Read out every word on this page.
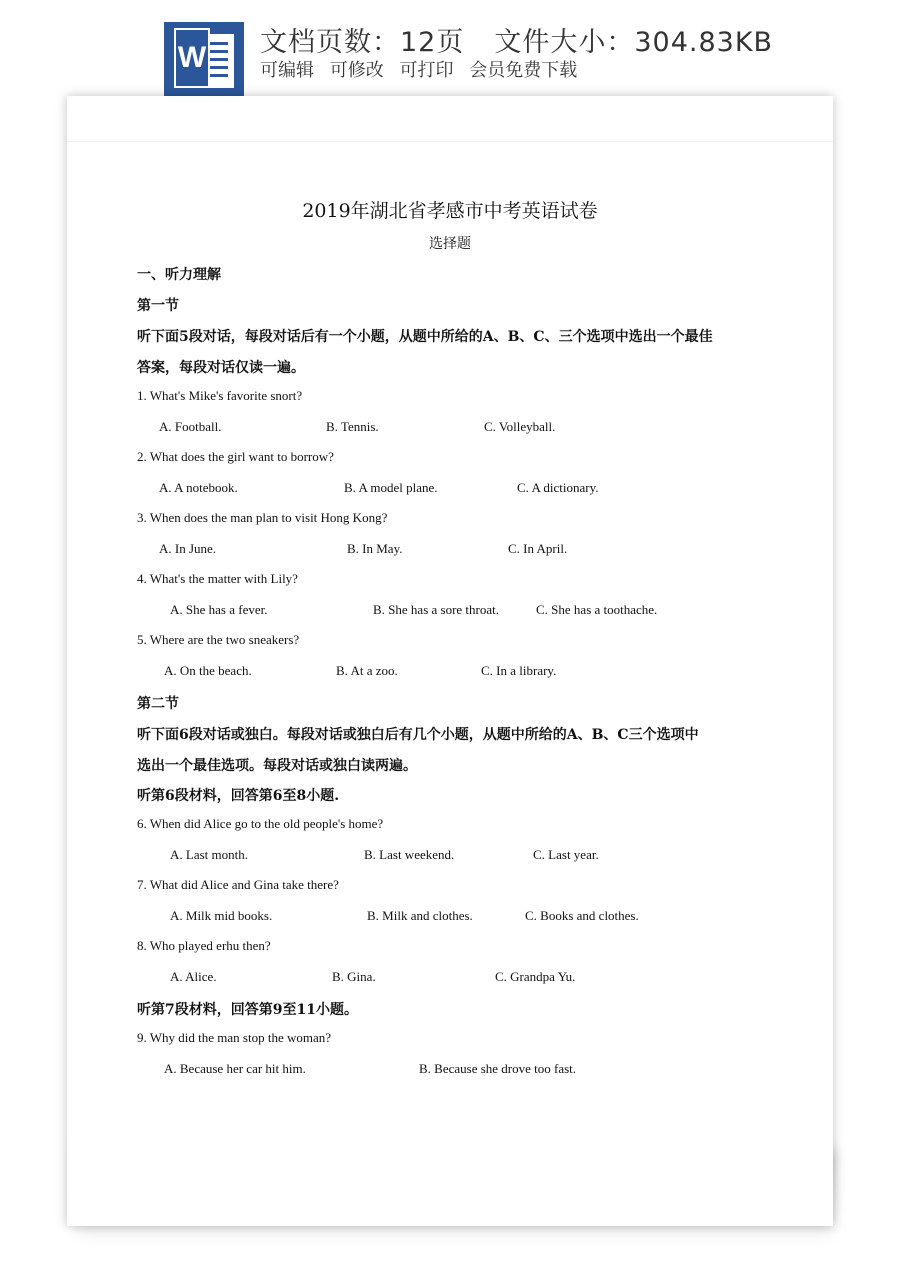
W 文档页数：12页 文件大小：304.83KB
可编辑 可修改 可打印 会员免费下载
2019年湖北省孝感市中考英语试卷
选择题
一、听力理解
第一节
听下面5段对话，每段对话后有一个小题，从题中所给的A、B、C、三个选项中选出一个最佳
答案，每段对话仅读一遍。
1. What's Mike's favorite snort?
A. Football.	B. Tennis.	C. Volleyball.
2. What does the girl want to borrow?
A. A notebook.	B. A model plane.	C. A dictionary.
3. When does the man plan to visit Hong Kong?
A. In June.	B. In May.	C. In April.
4. What's the matter with Lily?
A. She has a fever.	B. She has a sore throat.	C. She has a toothache.
5. Where are the two sneakers?
A. On the beach.	B. At a zoo.	C. In a library.
第二节
听下面6段对话或独白。每段对话或独白后有几个小题，从题中所给的A、B、C三个选项中
选出一个最佳选项。每段对话或独白读两遍。
听第6段材料，回答第6至8小题.
6. When did Alice go to the old people's home?
A. Last month.	B. Last weekend.	C. Last year.
7. What did Alice and Gina take there?
A. Milk mid books.	B. Milk and clothes.	C. Books and clothes.
8. Who played erhu then?
A. Alice.	B. Gina.	C. Grandpa Yu.
听第7段材料，回答第9至11小题。
9. Why did the man stop the woman?
A. Because her car hit him.	B. Because she drove too fast.
